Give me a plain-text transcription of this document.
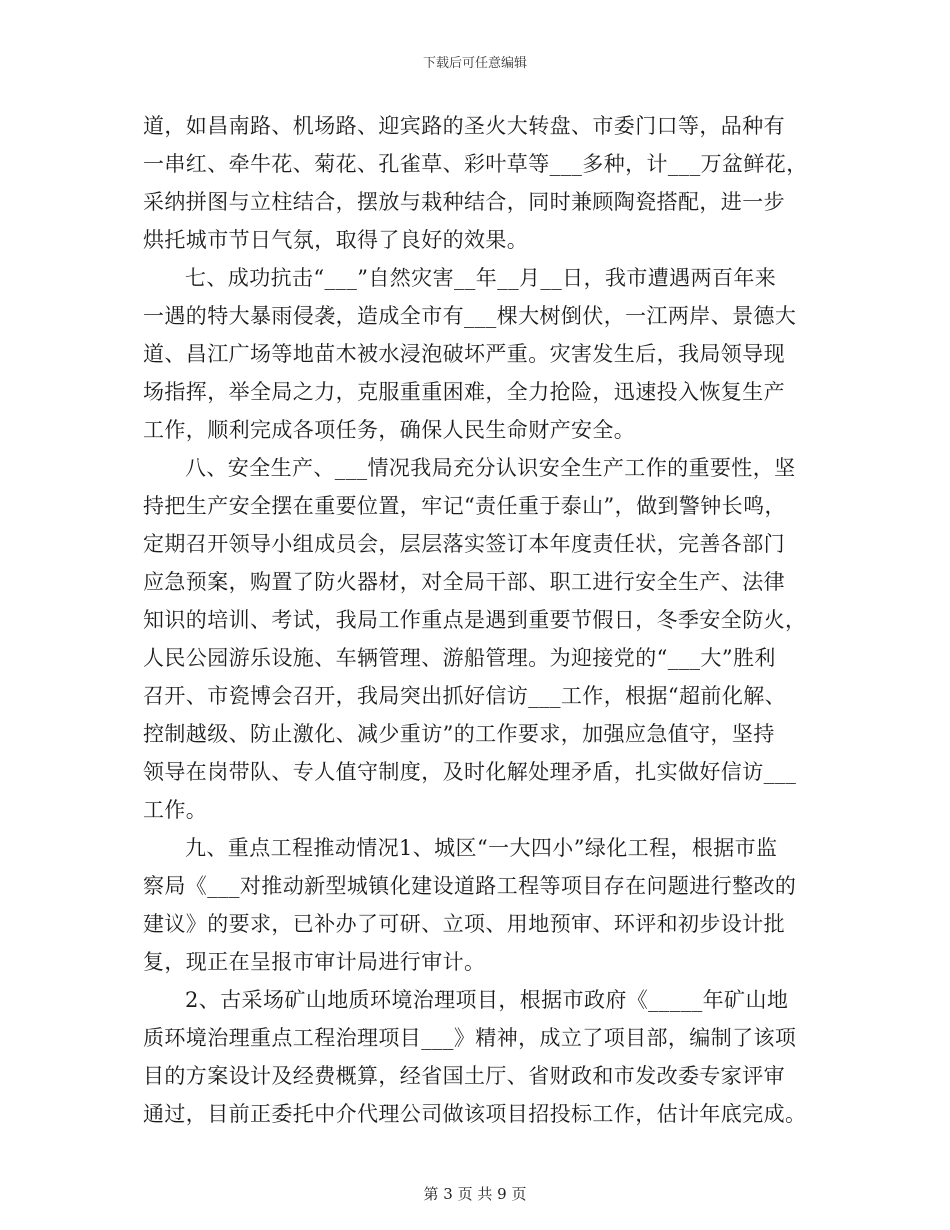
下载后可任意编辑
道，如昌南路、机场路、迎宾路的圣火大转盘、市委门口等，品种有
一串红、牵牛花、菊花、孔雀草、彩叶草等___多种，计___万盆鲜花，
采纳拼图与立柱结合，摆放与栽种结合，同时兼顾陶瓷搭配，进一步
烘托城市节日气氛，取得了良好的效果。
七、成功抗击“___”自然灾害__年__月__日，我市遭遇两百年来
一遇的特大暴雨侵袭，造成全市有___棵大树倒伏，一江两岸、景德大
道、昌江广场等地苗木被水浸泡破坏严重。灾害发生后，我局领导现
场指挥，举全局之力，克服重重困难，全力抢险，迅速投入恢复生产
工作，顺利完成各项任务，确保人民生命财产安全。
八、安全生产、___情况我局充分认识安全生产工作的重要性，坚
持把生产安全摆在重要位置，牢记“责任重于泰山”，做到警钟长鸣，
定期召开领导小组成员会，层层落实签订本年度责任状，完善各部门
应急预案，购置了防火器材，对全局干部、职工进行安全生产、法律
知识的培训、考试，我局工作重点是遇到重要节假日，冬季安全防火，
人民公园游乐设施、车辆管理、游船管理。为迎接党的“___大”胜利
召开、市瓷博会召开，我局突出抓好信访___工作，根据“超前化解、
控制越级、防止激化、减少重访”的工作要求，加强应急值守，坚持
领导在岗带队、专人值守制度，及时化解处理矛盾，扎实做好信访___
工作。
九、重点工程推动情况1、城区“一大四小”绿化工程，根据市监
察局《___对推动新型城镇化建设道路工程等项目存在问题进行整改的
建议》的要求，已补办了可研、立项、用地预审、环评和初步设计批
复，现正在呈报市审计局进行审计。
2、古采场矿山地质环境治理项目，根据市政府《_____年矿山地
质环境治理重点工程治理项目___》精神，成立了项目部，编制了该项
目的方案设计及经费概算，经省国土厅、省财政和市发改委专家评审
通过，目前正委托中介代理公司做该项目招投标工作，估计年底完成。
第 3 页 共 9 页
